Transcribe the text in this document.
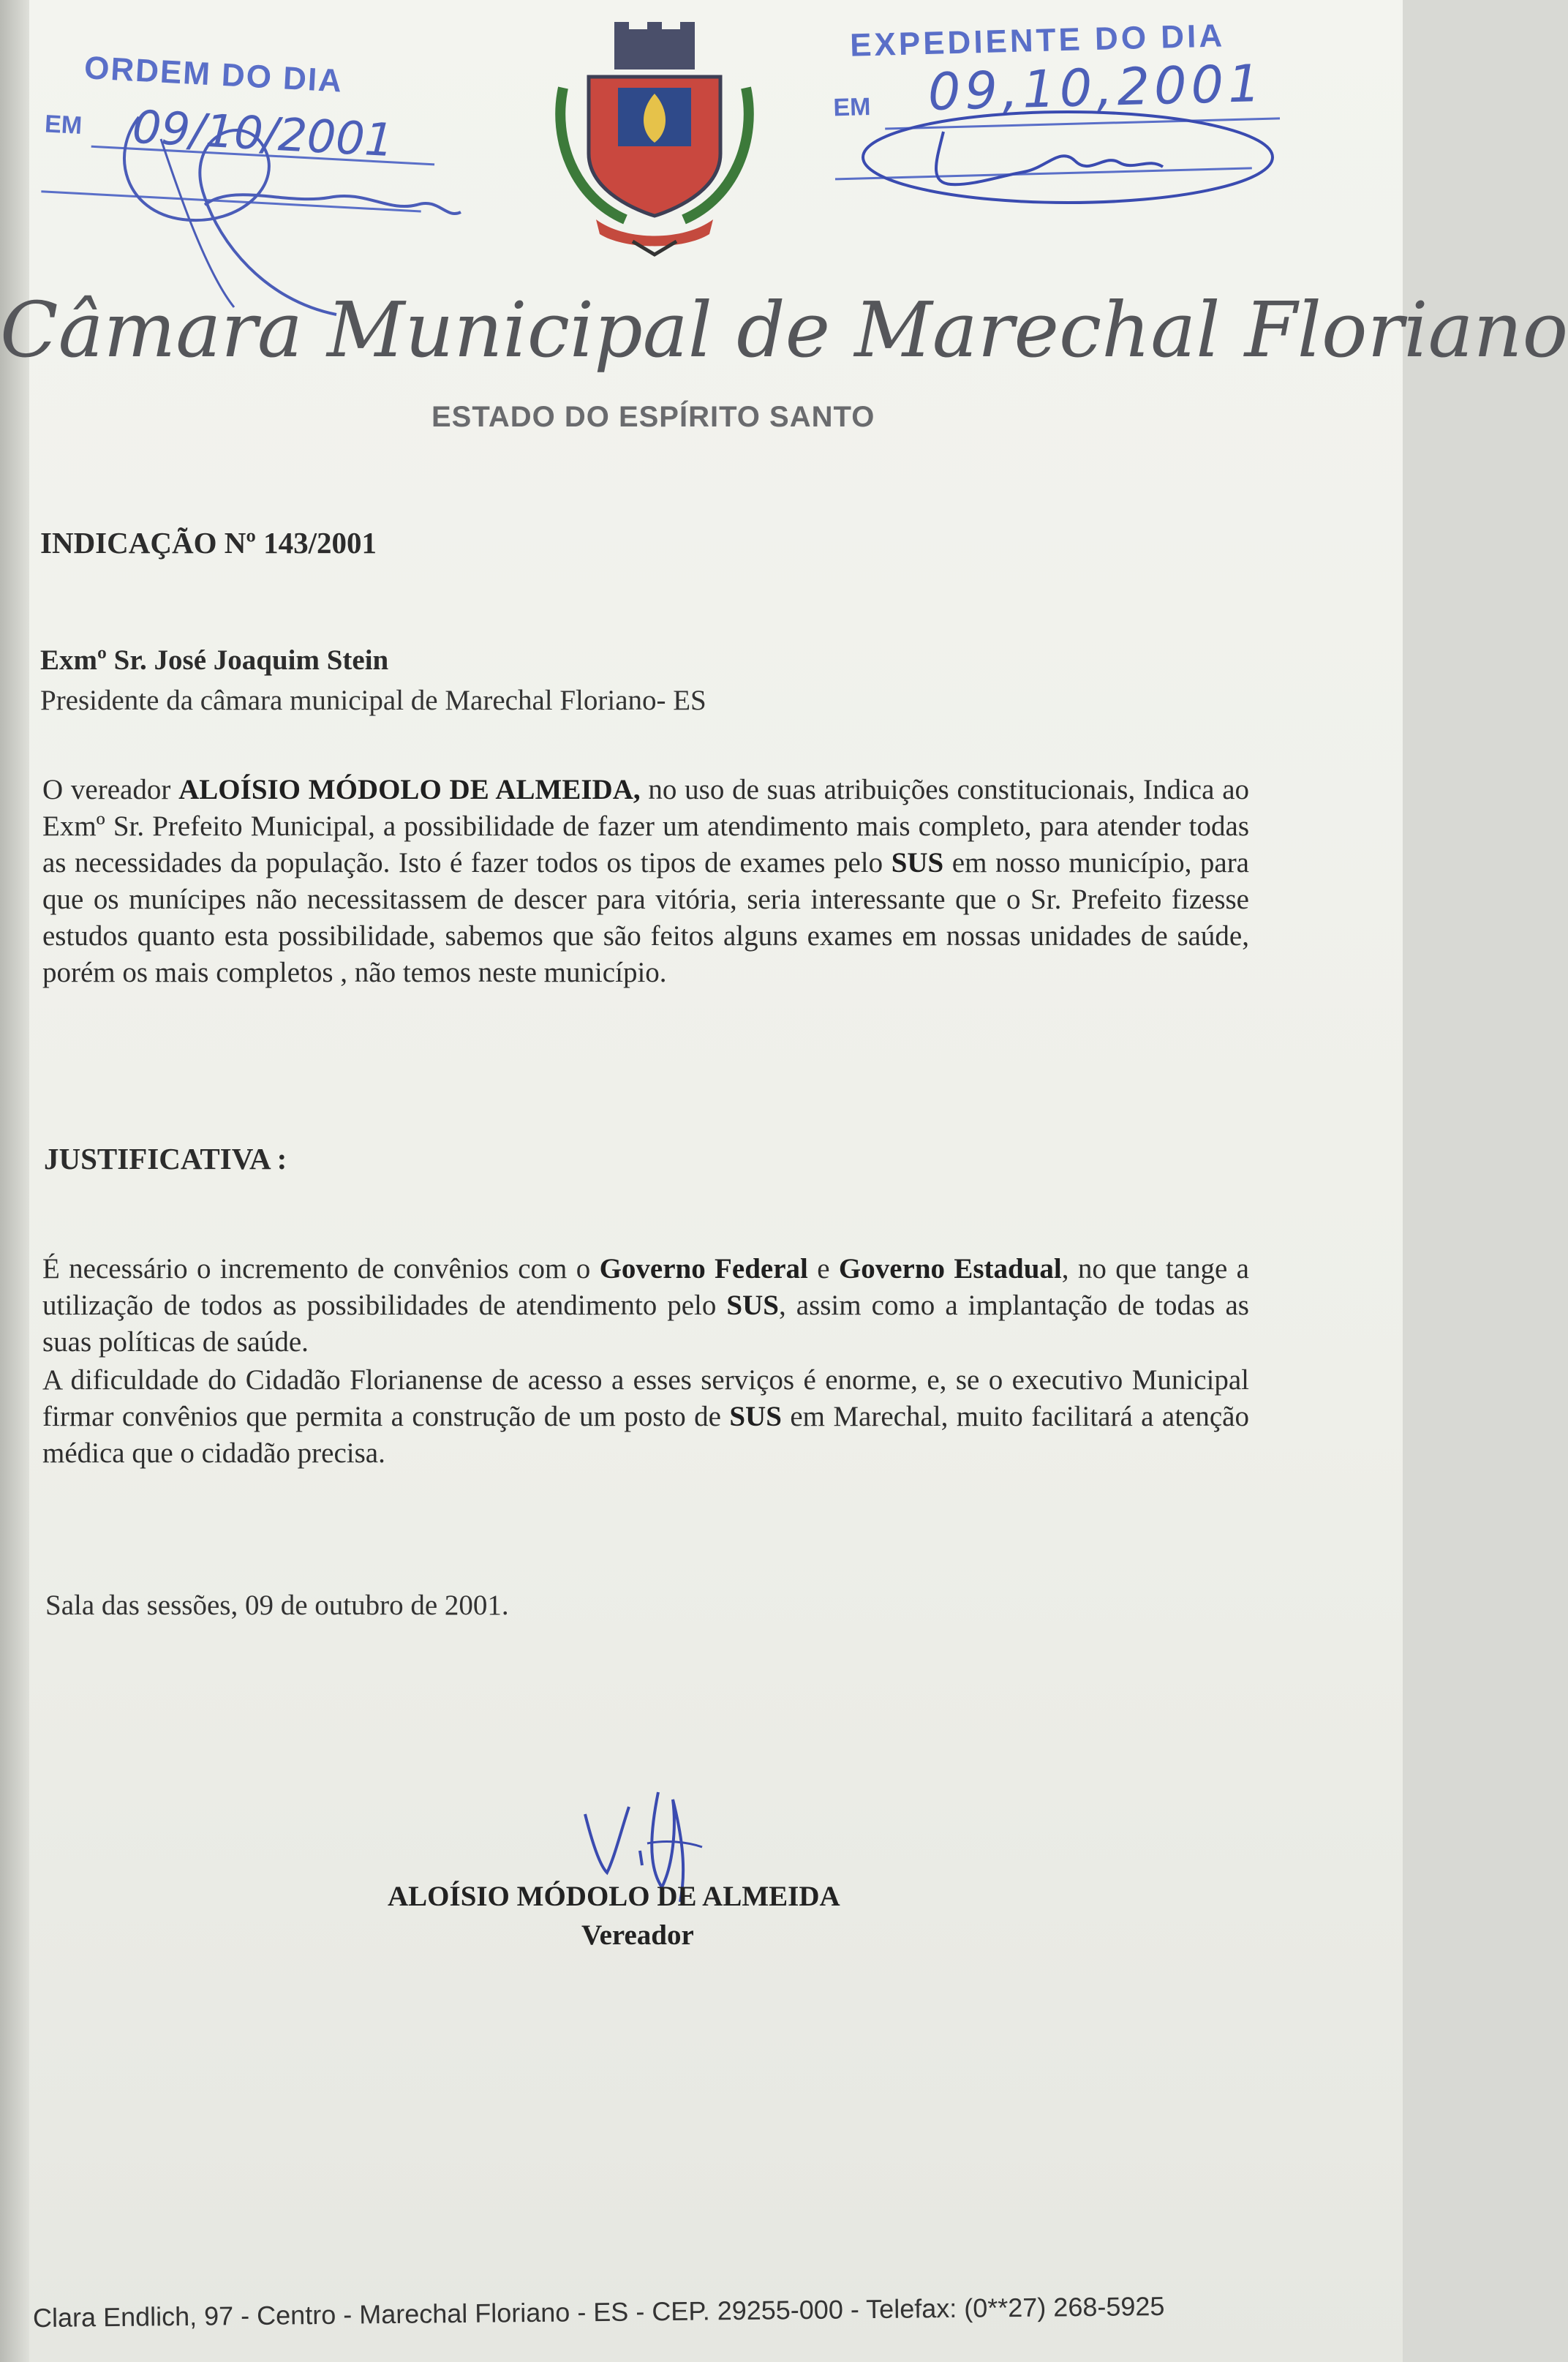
ORDEM DO DIA
EM 09/10/2001
EXPEDIENTE DO DIA
EM 09,10,2001
Câmara Municipal de Marechal Floriano
ESTADO DO ESPÍRITO SANTO
INDICAÇÃO Nº 143/2001
Exmº Sr. José Joaquim Stein
Presidente da câmara municipal de Marechal Floriano- ES

O vereador ALOÍSIO MÓDOLO DE ALMEIDA, no uso de suas atribuições constitucionais, Indica ao Exmº Sr. Prefeito Municipal, a possibilidade de fazer um atendimento mais completo, para atender todas as necessidades da população. Isto é fazer todos os tipos de exames pelo SUS em nosso município, para que os munícipes não necessitassem de descer para vitória, seria interessante que o Sr. Prefeito fizesse estudos quanto esta possibilidade, sabemos que são feitos alguns exames em nossas unidades de saúde, porém os mais completos , não temos neste município.

JUSTIFICATIVA :

É necessário o incremento de convênios com o Governo Federal e Governo Estadual, no que tange a utilização de todos as possibilidades de atendimento pelo SUS, assim como a implantação de todas as suas políticas de saúde.

A dificuldade do Cidadão Florianense de acesso a esses serviços é enorme, e, se o executivo Municipal firmar convênios que permita a construção de um posto de SUS em Marechal, muito facilitará a atenção médica que o cidadão precisa.

Sala das sessões, 09 de outubro de 2001.
ALOÍSIO MÓDOLO DE ALMEIDA
Vereador
Clara Endlich, 97 - Centro - Marechal Floriano - ES - CEP. 29255-000 - Telefax: (0**27) 268-5925
